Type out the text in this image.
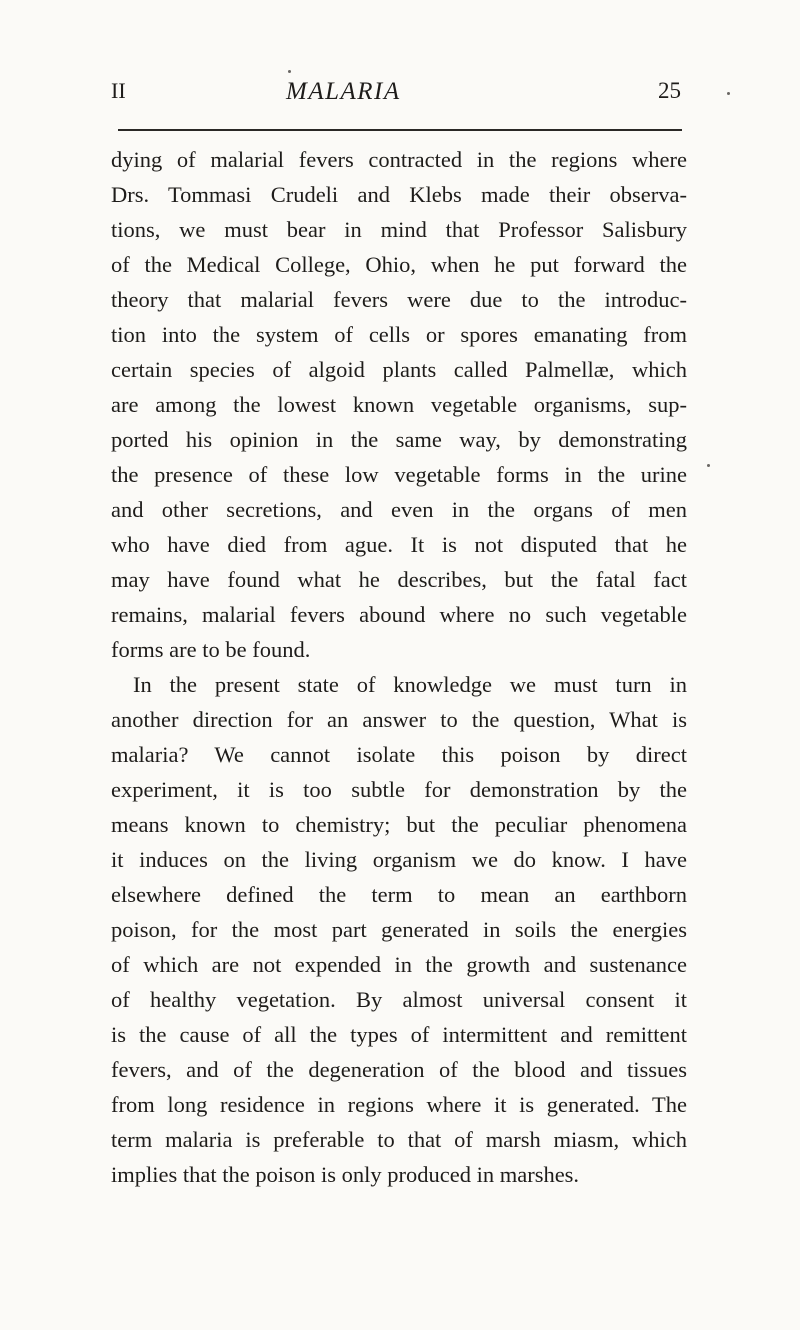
II	MALARIA	25
dying of malarial fevers contracted in the regions where
Drs. Tommasi Crudeli and Klebs made their observa-
tions, we must bear in mind that Professor Salisbury
of the Medical College, Ohio, when he put forward the
theory that malarial fevers were due to the introduc-
tion into the system of cells or spores emanating from
certain species of algoid plants called Palmellæ, which
are among the lowest known vegetable organisms, sup-
ported his opinion in the same way, by demonstrating
the presence of these low vegetable forms in the urine
and other secretions, and even in the organs of men
who have died from ague. It is not disputed that he
may have found what he describes, but the fatal fact
remains, malarial fevers abound where no such vegetable
forms are to be found.
In the present state of knowledge we must turn in
another direction for an answer to the question, What is
malaria? We cannot isolate this poison by direct
experiment, it is too subtle for demonstration by the
means known to chemistry; but the peculiar phenomena
it induces on the living organism we do know. I have
elsewhere defined the term to mean an earthborn
poison, for the most part generated in soils the energies
of which are not expended in the growth and sustenance
of healthy vegetation. By almost universal consent it
is the cause of all the types of intermittent and remittent
fevers, and of the degeneration of the blood and tissues
from long residence in regions where it is generated. The
term malaria is preferable to that of marsh miasm, which
implies that the poison is only produced in marshes.
